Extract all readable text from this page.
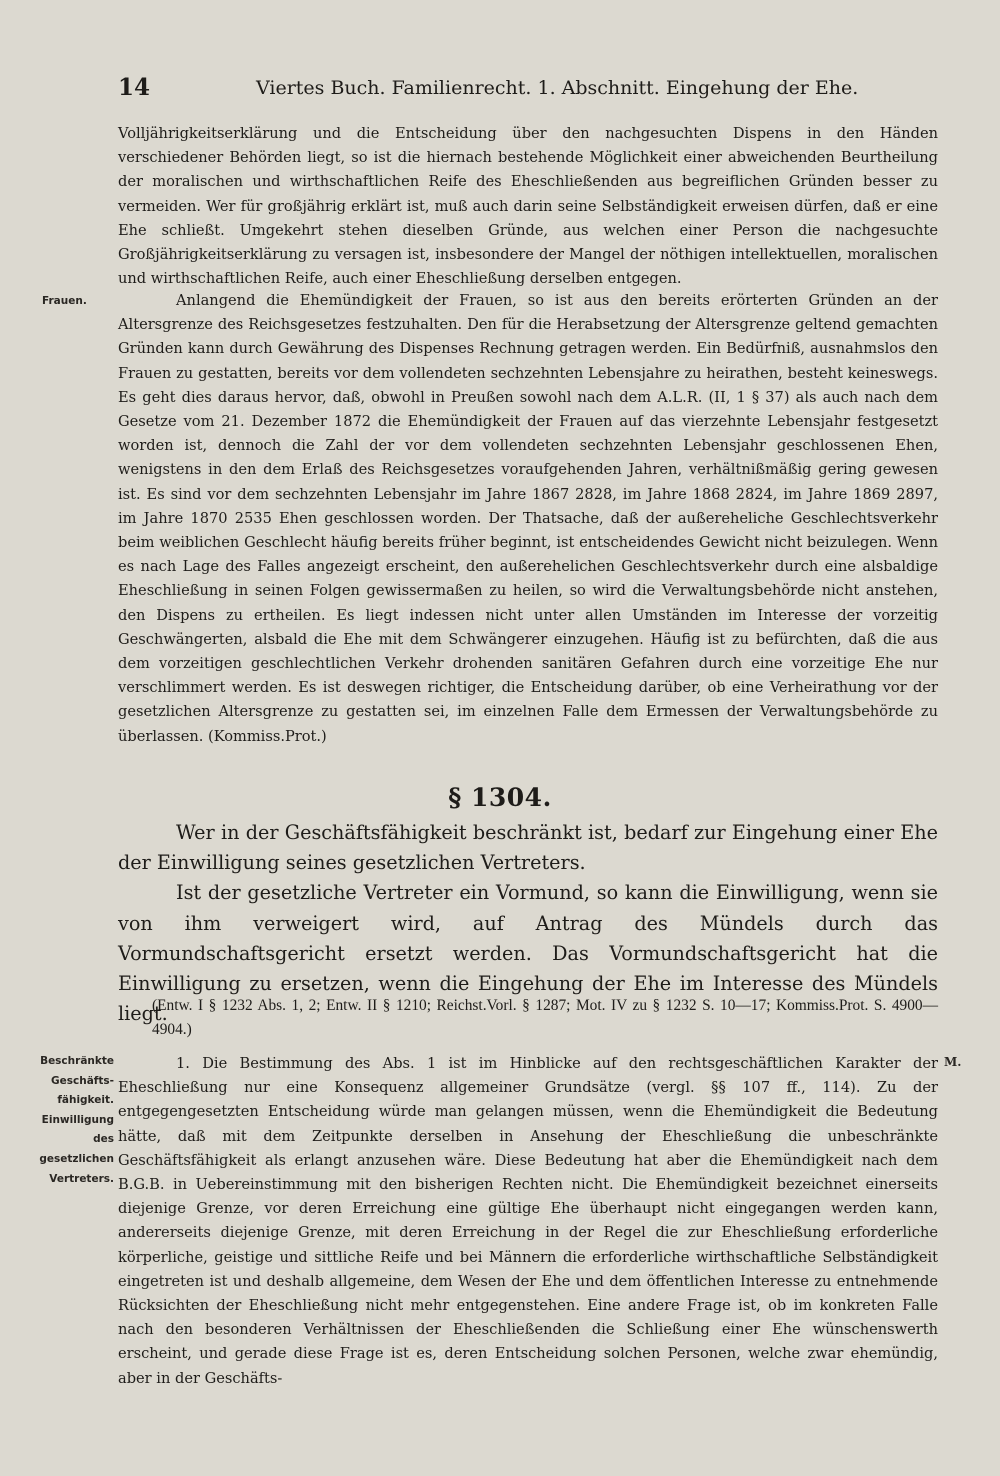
14	Viertes Buch. Familienrecht. 1. Abschnitt. Eingehung der Ehe.

Volljährigkeitserklärung und die Entscheidung über den nachgesuchten Dispens in den Händen verschiedener Behörden liegt, so ist die hiernach bestehende Möglichkeit einer abweichenden Beurtheilung der moralischen und wirthschaftlichen Reife des Eheschließenden aus begreiflichen Gründen besser zu vermeiden. Wer für großjährig erklärt ist, muß auch darin seine Selbständigkeit erweisen dürfen, daß er eine Ehe schließt. Umgekehrt stehen dieselben Gründe, aus welchen einer Person die nachgesuchte Großjährigkeitserklärung zu versagen ist, insbesondere der Mangel der nöthigen intellektuellen, moralischen und wirthschaftlichen Reife, auch einer Eheschließung derselben entgegen.

Frauen.	Anlangend die Ehemündigkeit der Frauen, so ist aus den bereits erörterten Gründen an der Altersgrenze des Reichsgesetzes festzuhalten. Den für die Herabsetzung der Altersgrenze geltend gemachten Gründen kann durch Gewährung des Dispenses Rechnung getragen werden. Ein Bedürfniß, ausnahmslos den Frauen zu gestatten, bereits vor dem vollendeten sechzehnten Lebensjahre zu heirathen, besteht keineswegs. Es geht dies daraus hervor, daß, obwohl in Preußen sowohl nach dem A.L.R. (II, 1 § 37) als auch nach dem Gesetze vom 21. Dezember 1872 die Ehemündigkeit der Frauen auf das vierzehnte Lebensjahr festgesetzt worden ist, dennoch die Zahl der vor dem vollendeten sechzehnten Lebensjahr geschlossenen Ehen, wenigstens in den dem Erlaß des Reichsgesetzes voraufgehenden Jahren, verhältnißmäßig gering gewesen ist. Es sind vor dem sechzehnten Lebensjahr im Jahre 1867 2828, im Jahre 1868 2824, im Jahre 1869 2897, im Jahre 1870 2535 Ehen geschlossen worden. Der Thatsache, daß der außereheliche Geschlechtsverkehr beim weiblichen Geschlecht häufig bereits früher beginnt, ist entscheidendes Gewicht nicht beizulegen. Wenn es nach Lage des Falles angezeigt erscheint, den außerehelichen Geschlechtsverkehr durch eine alsbaldige Eheschließung in seinen Folgen gewissermaßen zu heilen, so wird die Verwaltungsbehörde nicht anstehen, den Dispens zu ertheilen. Es liegt indessen nicht unter allen Umständen im Interesse der vorzeitig Geschwängerten, alsbald die Ehe mit dem Schwängerer einzugehen. Häufig ist zu befürchten, daß die aus dem vorzeitigen geschlechtlichen Verkehr drohenden sanitären Gefahren durch eine vorzeitige Ehe nur verschlimmert werden. Es ist deswegen richtiger, die Entscheidung darüber, ob eine Verheirathung vor der gesetzlichen Altersgrenze zu gestatten sei, im einzelnen Falle dem Ermessen der Verwaltungsbehörde zu überlassen. (Kommiss.Prot.)

§ 1304.

Wer in der Geschäftsfähigkeit beschränkt ist, bedarf zur Eingehung einer Ehe der Einwilligung seines gesetzlichen Vertreters.

Ist der gesetzliche Vertreter ein Vormund, so kann die Einwilligung, wenn sie von ihm verweigert wird, auf Antrag des Mündels durch das Vormundschaftsgericht ersetzt werden. Das Vormundschaftsgericht hat die Einwilligung zu ersetzen, wenn die Eingehung der Ehe im Interesse des Mündels liegt.

(Entw. I § 1232 Abs. 1, 2; Entw. II § 1210; Reichst.Vorl. § 1287; Mot. IV zu § 1232 S. 10—17; Kommiss.Prot. S. 4900—4904.)
Beschränkte
Geschäfts-
fähigkeit.
Einwilligung
des gesetzlichen
Vertreters.
M.

1. Die Bestimmung des Abs. 1 ist im Hinblicke auf den rechtsgeschäftlichen Karakter der Eheschließung nur eine Konsequenz allgemeiner Grundsätze (vergl. §§ 107 ff., 114). Zu der entgegengesetzten Entscheidung würde man gelangen müssen, wenn die Ehemündigkeit die Bedeutung hätte, daß mit dem Zeitpunkte derselben in Ansehung der Eheschließung die unbeschränkte Geschäftsfähigkeit als erlangt anzusehen wäre. Diese Bedeutung hat aber die Ehemündigkeit nach dem B.G.B. in Uebereinstimmung mit den bisherigen Rechten nicht. Die Ehemündigkeit bezeichnet einerseits diejenige Grenze, vor deren Erreichung eine gültige Ehe überhaupt nicht eingegangen werden kann, andererseits diejenige Grenze, mit deren Erreichung in der Regel die zur Eheschließung erforderliche körperliche, geistige und sittliche Reife und bei Männern die erforderliche wirthschaftliche Selbständigkeit eingetreten ist und deshalb allgemeine, dem Wesen der Ehe und dem öffentlichen Interesse zu entnehmende Rücksichten der Eheschließung nicht mehr entgegenstehen. Eine andere Frage ist, ob im konkreten Falle nach den besonderen Verhältnissen der Eheschließenden die Schließung einer Ehe wünschenswerth erscheint, und gerade diese Frage ist es, deren Entscheidung solchen Personen, welche zwar ehemündig, aber in der Geschäfts-
